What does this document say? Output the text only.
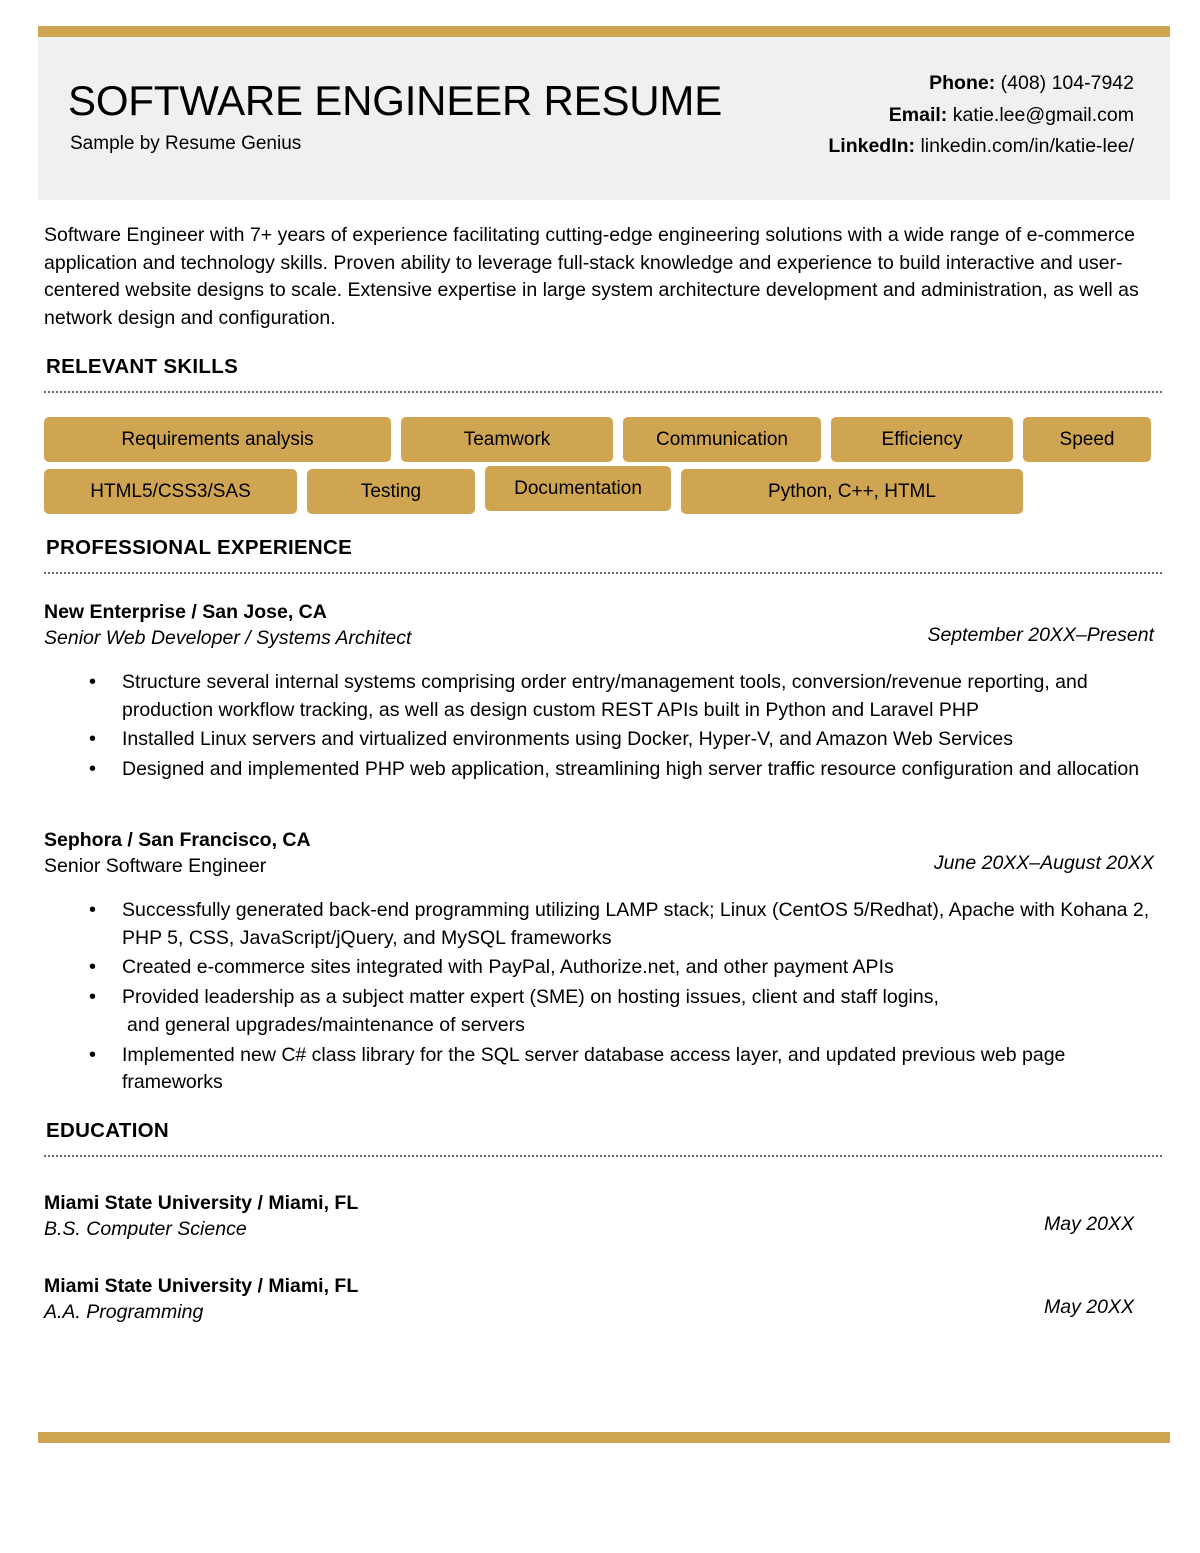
SOFTWARE ENGINEER RESUME
Sample by Resume Genius
Phone: (408) 104-7942
Email: katie.lee@gmail.com
LinkedIn: linkedin.com/in/katie-lee/

Software Engineer with 7+ years of experience facilitating cutting-edge engineering solutions with a wide range of e-commerce application and technology skills. Proven ability to leverage full-stack knowledge and experience to build interactive and user-centered website designs to scale. Extensive expertise in large system architecture development and administration, as well as network design and configuration.

RELEVANT SKILLS
Requirements analysis	Teamwork	Communication	Efficiency	Speed
HTML5/CSS3/SAS	Testing	Documentation	Python, C++, HTML
PROFESSIONAL EXPERIENCE
New Enterprise / San Jose, CA
Senior Web Developer / Systems Architect	September 20XX–Present
• Structure several internal systems comprising order entry/management tools, conversion/revenue reporting, and production workflow tracking, as well as design custom REST APIs built in Python and Laravel PHP
• Installed Linux servers and virtualized environments using Docker, Hyper-V, and Amazon Web Services
• Designed and implemented PHP web application, streamlining high server traffic resource configuration and allocation
Sephora / San Francisco, CA
Senior Software Engineer	June 20XX–August 20XX
• Successfully generated back-end programming utilizing LAMP stack; Linux (CentOS 5/Redhat), Apache with Kohana 2, PHP 5, CSS, JavaScript/jQuery, and MySQL frameworks
• Created e-commerce sites integrated with PayPal, Authorize.net, and other payment APIs
• Provided leadership as a subject matter expert (SME) on hosting issues, client and staff logins,
and general upgrades/maintenance of servers
• Implemented new C# class library for the SQL server database access layer, and updated previous web page frameworks
EDUCATION
Miami State University / Miami, FL
B.S. Computer Science	May 20XX
Miami State University / Miami, FL
A.A. Programming	May 20XX
